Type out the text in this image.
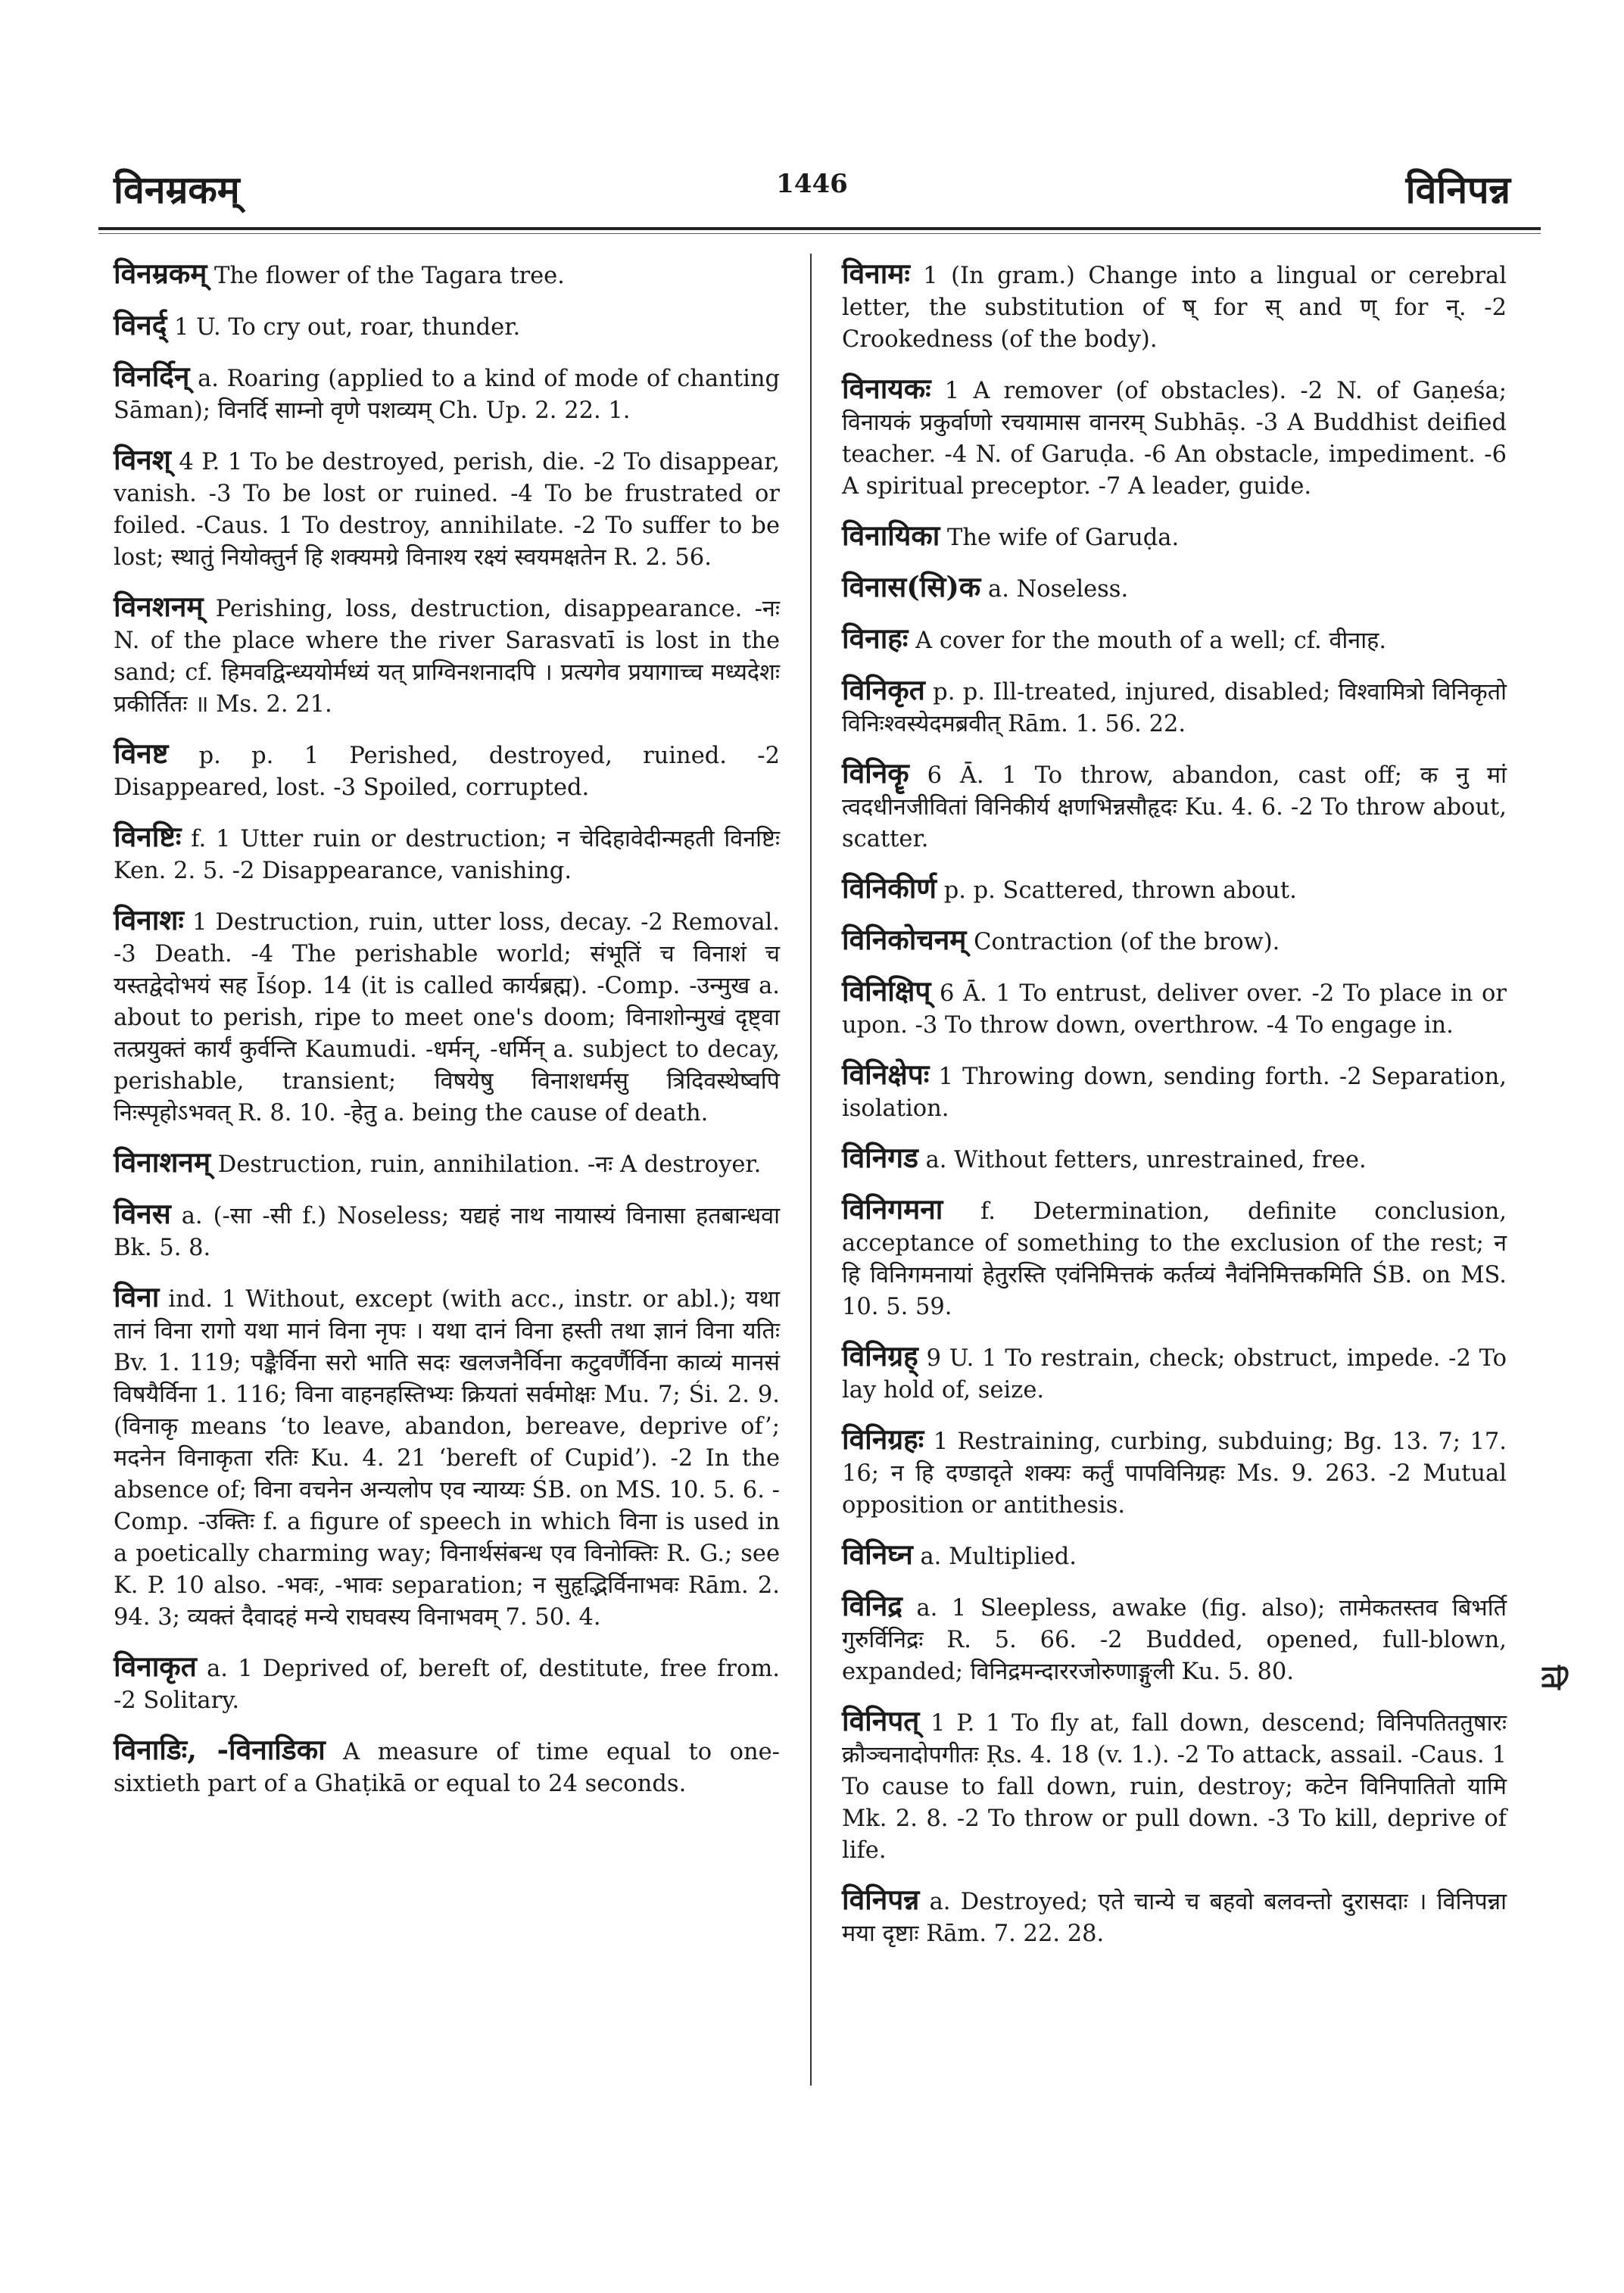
विनम्रकम्	1446	विनिपन्न

विनम्रकम् The flower of the Tagara tree.

विनर्द् 1 U. To cry out, roar, thunder.

विनर्दिन् a. Roaring (applied to a kind of mode of chanting Sāman); विनर्दि साम्नो वृणे पशव्यम् Ch. Up. 2. 22. 1.

विनश् 4 P. 1 To be destroyed, perish, die. -2 To disappear, vanish. -3 To be lost or ruined. -4 To be frustrated or foiled. -Caus. 1 To destroy, annihilate. -2 To suffer to be lost; स्थातुं नियोक्तुर्न हि शक्यमग्रे विनाश्य रक्ष्यं स्वयमक्षतेन R. 2. 56.

विनशनम् Perishing, loss, destruction, disappearance. -नः N. of the place where the river Sarasvatī is lost in the sand; cf. हिमवद्विन्ध्ययोर्मध्यं यत् प्राग्विनशनादपि । प्रत्यगेव प्रयागाच्च मध्यदेशः प्रकीर्तितः ॥ Ms. 2. 21.

विनष्ट p. p. 1 Perished, destroyed, ruined. -2 Disappeared, lost. -3 Spoiled, corrupted.

विनष्टिः f. 1 Utter ruin or destruction; न चेदिहावेदीन्महती विनष्टिः Ken. 2. 5. -2 Disappearance, vanishing.

विनाशः 1 Destruction, ruin, utter loss, decay. -2 Removal. -3 Death. -4 The perishable world; संभूतिं च विनाशं च यस्तद्वेदोभयं सह Īśop. 14 (it is called कार्यब्रह्म). -Comp. -उन्मुख a. about to perish, ripe to meet one's doom; विनाशोन्मुखं दृष्ट्वा तत्प्रयुक्तं कार्यं कुर्वन्ति Kaumudi. -धर्मन्, -धर्मिन् a. subject to decay, perishable, transient; विषयेषु विनाशधर्मसु त्रिदिवस्थेष्वपि निःस्पृहोऽभवत् R. 8. 10. -हेतु a. being the cause of death.

विनाशनम् Destruction, ruin, annihilation. -नः A destroyer.

विनस a. (-सा -सी f.) Noseless; यद्यहं नाथ नायास्यं विनासा हतबान्धवा Bk. 5. 8.

विना ind. 1 Without, except (with acc., instr. or abl.); यथा तानं विना रागो यथा मानं विना नृपः । यथा दानं विना हस्ती तथा ज्ञानं विना यतिः Bv. 1. 119; पङ्कैर्विना सरो भाति सदः खलजनैर्विना कटुवर्णैर्विना काव्यं मानसं विषयैर्विना 1. 116; विना वाहनहस्तिभ्यः क्रियतां सर्वमोक्षः Mu. 7; Śi. 2. 9. (विनाकृ means ‘to leave, abandon, bereave, deprive of’; मदनेन विनाकृता रतिः Ku. 4. 21 ‘bereft of Cupid’). -2 In the absence of; विना वचनेन अन्यलोप एव न्याय्यः ŚB. on MS. 10. 5. 6. -Comp. -उक्तिः f. a figure of speech in which विना is used in a poetically charming way; विनार्थसंबन्ध एव विनोक्तिः R. G.; see K. P. 10 also. -भवः, -भावः separation; न सुहृद्भिर्विनाभवः Rām. 2. 94. 3; व्यक्तं दैवादहं मन्ये राघवस्य विनाभवम् 7. 50. 4.

विनाकृत a. 1 Deprived of, bereft of, destitute, free from. -2 Solitary.

विनाडिः, -विनाडिका A measure of time equal to one-sixtieth part of a Ghaṭikā or equal to 24 seconds.

विनामः 1 (In gram.) Change into a lingual or cerebral letter, the substitution of ष् for स् and ण् for न्. -2 Crookedness (of the body).

विनायकः 1 A remover (of obstacles). -2 N. of Gaṇeśa; विनायकं प्रकुर्वाणो रचयामास वानरम् Subhāṣ. -3 A Buddhist deified teacher. -4 N. of Garuḍa. -6 An obstacle, impediment. -6 A spiritual preceptor. -7 A leader, guide.

विनायिका The wife of Garuḍa.

विनास(सि)क a. Noseless.

विनाहः A cover for the mouth of a well; cf. वीनाह.

विनिकृत p. p. Ill-treated, injured, disabled; विश्वामित्रो विनिकृतो विनिःश्वस्येदमब्रवीत् Rām. 1. 56. 22.

विनिकॄ 6 Ā. 1 To throw, abandon, cast off; क नु मां त्वदधीनजीवितां विनिकीर्य क्षणभिन्नसौहृदः Ku. 4. 6. -2 To throw about, scatter.

विनिकीर्ण p. p. Scattered, thrown about.

विनिकोचनम् Contraction (of the brow).

विनिक्षिप् 6 Ā. 1 To entrust, deliver over. -2 To place in or upon. -3 To throw down, overthrow. -4 To engage in.

विनिक्षेपः 1 Throwing down, sending forth. -2 Separation, isolation.

विनिगड a. Without fetters, unrestrained, free.

विनिगमना f. Determination, definite conclusion, acceptance of something to the exclusion of the rest; न हि विनिगमनायां हेतुरस्ति एवंनिमित्तकं कर्तव्यं नैवंनिमित्तकमिति ŚB. on MS. 10. 5. 59.

विनिग्रह् 9 U. 1 To restrain, check; obstruct, impede. -2 To lay hold of, seize.

विनिग्रहः 1 Restraining, curbing, subduing; Bg. 13. 7; 17. 16; न हि दण्डादृते शक्यः कर्तुं पापविनिग्रहः Ms. 9. 263. -2 Mutual opposition or antithesis.

विनिघ्न a. Multiplied.

विनिद्र a. 1 Sleepless, awake (fig. also); तामेकतस्तव बिभर्ति गुरुर्विनिद्रः R. 5. 66. -2 Budded, opened, full-blown, expanded; विनिद्रमन्दाररजोरुणाङ्गुली Ku. 5. 80.

विनिपत् 1 P. 1 To fly at, fall down, descend; विनिपतिततुषारः क्रौञ्चनादोपगीतः Ṛs. 4. 18 (v. 1.). -2 To attack, assail. -Caus. 1 To cause to fall down, ruin, destroy; कटेन विनिपातितो यामि Mk. 2. 8. -2 To throw or pull down. -3 To kill, deprive of life.

विनिपन्न a. Destroyed; एते चान्ये च बहवो बलवन्तो दुरासदाः । विनिपन्ना मया दृष्टाः Rām. 7. 22. 28.

ति
